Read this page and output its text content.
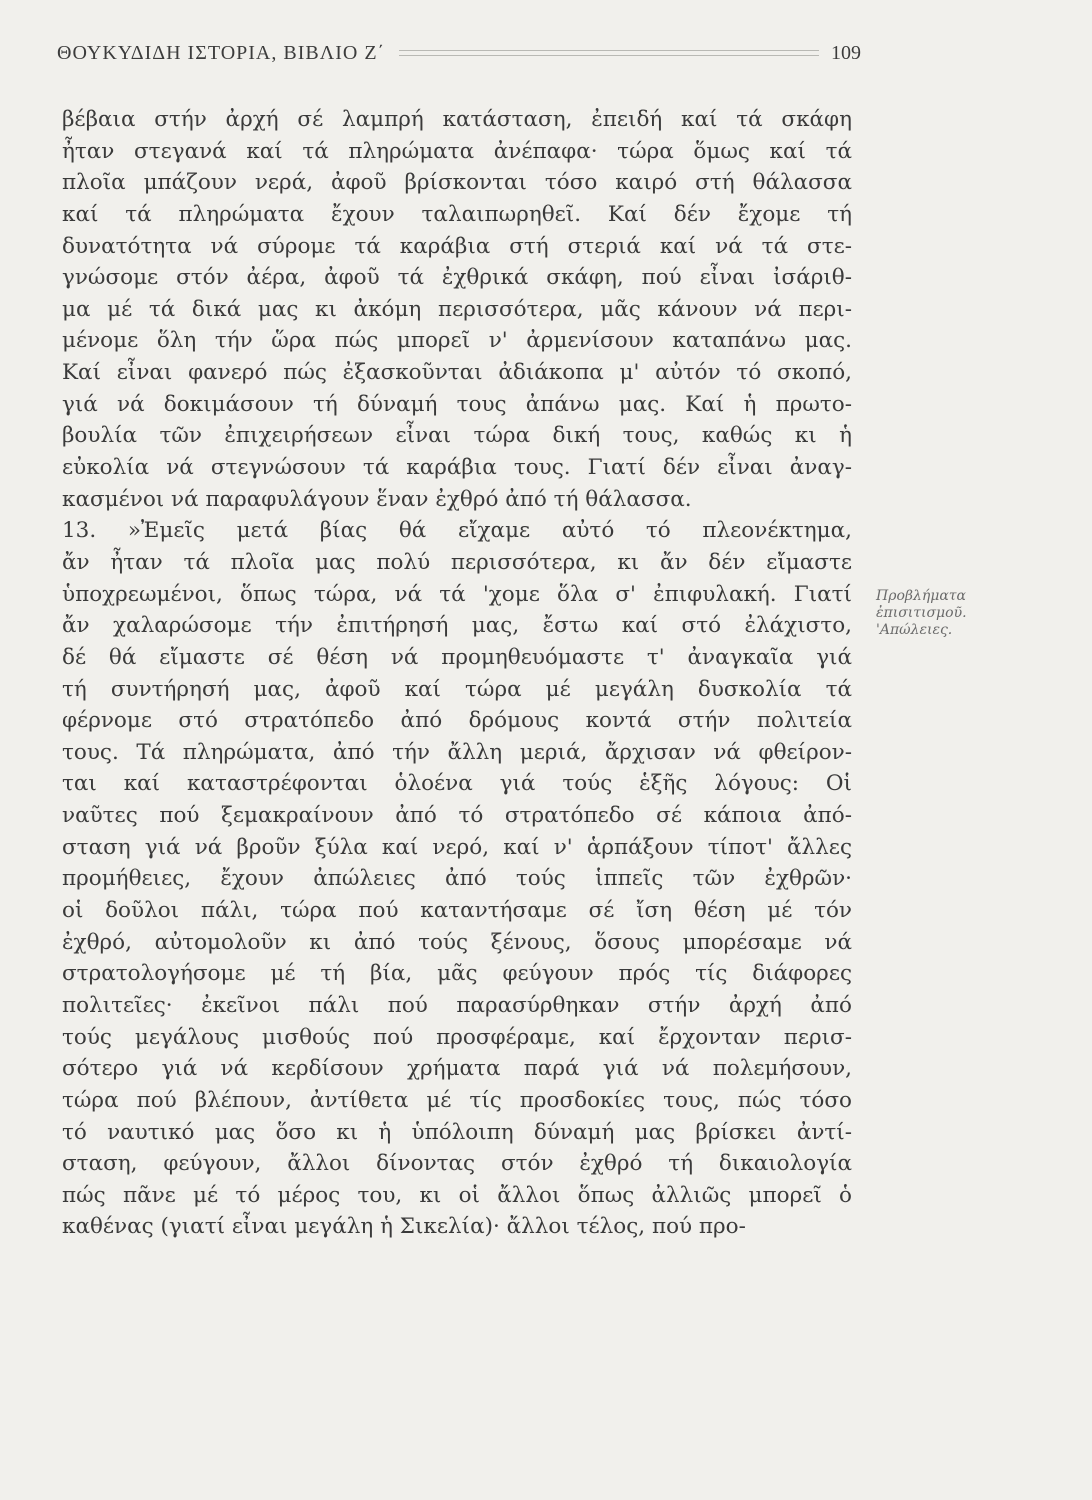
ΘΟΥΚΥΔΙΔΗ ΙΣΤΟΡΙΑ, ΒΙΒΛΙΟ Ζ΄	109
βέβαια στήν ἀρχή σέ λαμπρή κατάσταση, ἐπειδή καί τά σκάφη
ἦταν στεγανά καί τά πληρώματα ἀνέπαφα· τώρα ὅμως καί τά
πλοῖα μπάζουν νερά, ἀφοῦ βρίσκονται τόσο καιρό στή θάλασσα
καί τά πληρώματα ἔχουν ταλαιπωρηθεῖ. Καί δέν ἔχομε τή
δυνατότητα νά σύρομε τά καράβια στή στεριά καί νά τά στε-
γνώσομε στόν ἀέρα, ἀφοῦ τά ἐχθρικά σκάφη, πού εἶναι ἰσάριθ-
μα μέ τά δικά μας κι ἀκόμη περισσότερα, μᾶς κάνουν νά περι-
μένομε ὅλη τήν ὥρα πώς μπορεῖ ν' ἀρμενίσουν καταπάνω μας.
Καί εἶναι φανερό πώς ἐξασκοῦνται ἀδιάκοπα μ' αὐτόν τό σκοπό,
γιά νά δοκιμάσουν τή δύναμή τους ἀπάνω μας. Καί ἡ πρωτο-
βουλία τῶν ἐπιχειρήσεων εἶναι τώρα δική τους, καθώς κι ἡ
εὐκολία νά στεγνώσουν τά καράβια τους. Γιατί δέν εἶναι ἀναγ-
κασμένοι νά παραφυλάγουν ἕναν ἐχθρό ἀπό τή θάλασσα.
13. »Ἐμεῖς μετά βίας θά εἴχαμε αὐτό τό πλεονέκτημα,
ἄν ἦταν τά πλοῖα μας πολύ περισσότερα, κι ἄν δέν εἴμαστε
ὑποχρεωμένοι, ὅπως τώρα, νά τά 'χομε ὅλα σ' ἐπιφυλακή. Γιατί
ἄν χαλαρώσομε τήν ἐπιτήρησή μας, ἔστω καί στό ἐλάχιστο,
δέ θά εἴμαστε σέ θέση νά προμηθευόμαστε τ' ἀναγκαῖα γιά
τή συντήρησή μας, ἀφοῦ καί τώρα μέ μεγάλη δυσκολία τά
φέρνομε στό στρατόπεδο ἀπό δρόμους κοντά στήν πολιτεία
τους. Τά πληρώματα, ἀπό τήν ἄλλη μεριά, ἄρχισαν νά φθείρον-
ται καί καταστρέφονται ὁλοένα γιά τούς ἑξῆς λόγους: Οἱ
ναῦτες πού ξεμακραίνουν ἀπό τό στρατόπεδο σέ κάποια ἀπό-
σταση γιά νά βροῦν ξύλα καί νερό, καί ν' ἁρπάξουν τίποτ' ἄλλες
προμήθειες, ἔχουν ἀπώλειες ἀπό τούς ἱππεῖς τῶν ἐχθρῶν·
οἱ δοῦλοι πάλι, τώρα πού καταντήσαμε σέ ἴση θέση μέ τόν
ἐχθρό, αὐτομολοῦν κι ἀπό τούς ξένους, ὅσους μπορέσαμε νά
στρατολογήσομε μέ τή βία, μᾶς φεύγουν πρός τίς διάφορες
πολιτεῖες· ἐκεῖνοι πάλι πού παρασύρθηκαν στήν ἀρχή ἀπό
τούς μεγάλους μισθούς πού προσφέραμε, καί ἔρχονταν περισ-
σότερο γιά νά κερδίσουν χρήματα παρά γιά νά πολεμήσουν,
τώρα πού βλέπουν, ἀντίθετα μέ τίς προσδοκίες τους, πώς τόσο
τό ναυτικό μας ὅσο κι ἡ ὑπόλοιπη δύναμή μας βρίσκει ἀντί-
σταση, φεύγουν, ἄλλοι δίνοντας στόν ἐχθρό τή δικαιολογία
πώς πᾶνε μέ τό μέρος του, κι οἱ ἄλλοι ὅπως ἀλλιῶς μπορεῖ ὁ
καθένας (γιατί εἶναι μεγάλη ἡ Σικελία)· ἄλλοι τέλος, πού προ-
Προβλήματα
ἐπισιτισμοῦ.
'Απώλειες.
